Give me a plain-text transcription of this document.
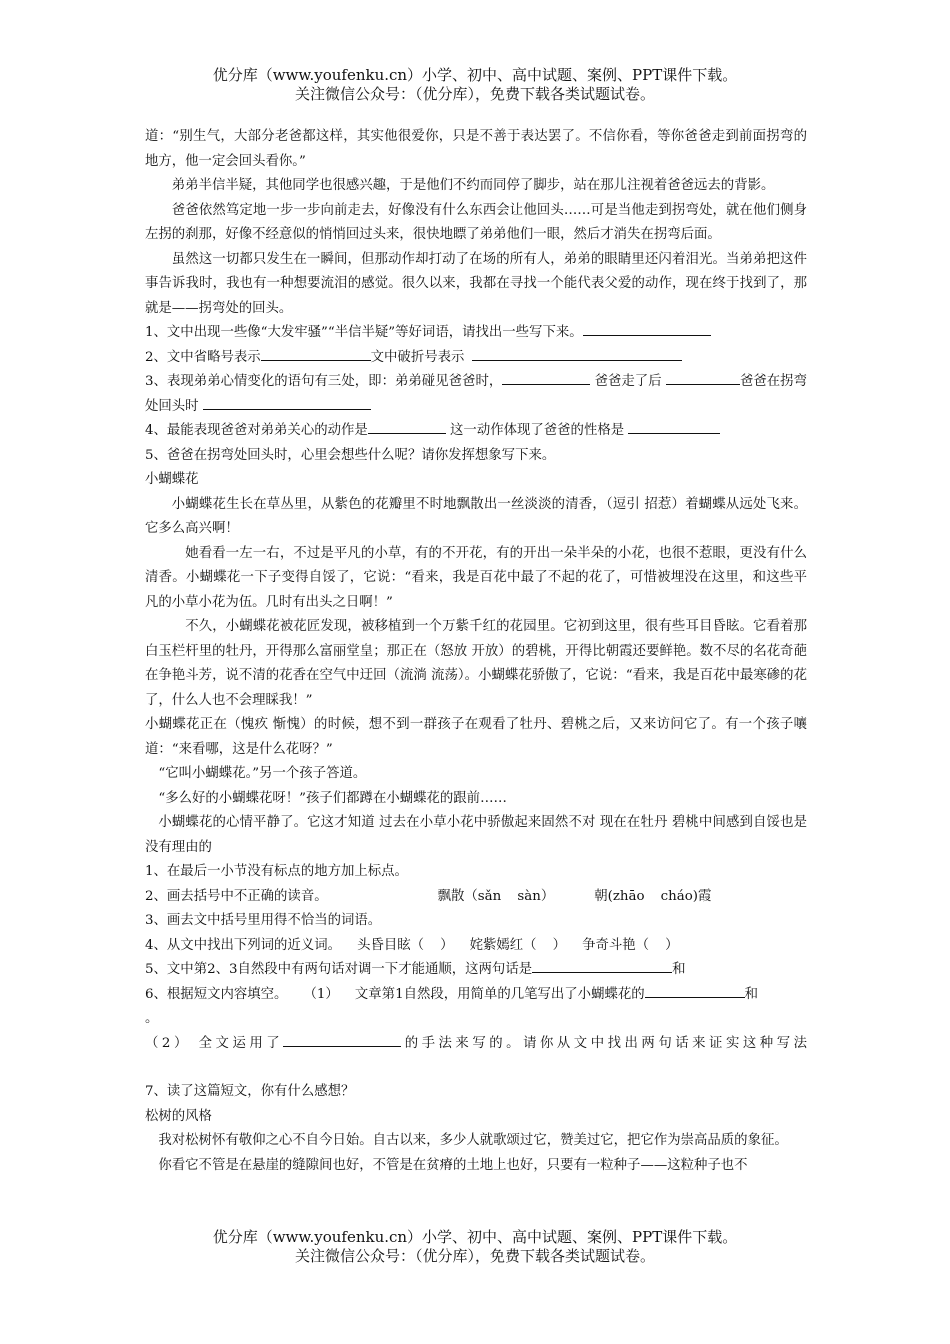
优分库（www.youfenku.cn）小学、初中、高中试题、案例、PPT课件下载。
关注微信公众号：（优分库），免费下载各类试题试卷。

道：“别生气，大部分老爸都这样，其实他很爱你，只是不善于表达罢了。不信你看，等你爸爸走到前面拐弯的地方，他一定会回头看你。”

弟弟半信半疑，其他同学也很感兴趣，于是他们不约而同停了脚步，站在那儿注视着爸爸远去的背影。

爸爸依然笃定地一步一步向前走去，好像没有什么东西会让他回头……可是当他走到拐弯处，就在他们侧身左拐的刹那，好像不经意似的悄悄回过头来，很快地瞟了弟弟他们一眼，然后才消失在拐弯后面。

虽然这一切都只发生在一瞬间，但那动作却打动了在场的所有人，弟弟的眼睛里还闪着泪光。当弟弟把这件事告诉我时，我也有一种想要流泪的感觉。很久以来，我都在寻找一个能代表父爱的动作，现在终于找到了，那就是——拐弯处的回头。

1、文中出现一些像“大发牢骚”“半信半疑”等好词语，请找出一些写下来。

2、文中省略号表示	文中破折号表示

3、表现弟弟心情变化的语句有三处，即：弟弟碰见爸爸时，	爸爸走了后	爸爸在拐弯处回头时

4、最能表现爸爸对弟弟关心的动作是	这一动作体现了爸爸的性格是

5、爸爸在拐弯处回头时，心里会想些什么呢？请你发挥想象写下来。

小蝴蝶花

小蝴蝶花生长在草丛里，从紫色的花瓣里不时地飘散出一丝淡淡的清香，（逗引 招惹）着蝴蝶从远处飞来。它多么高兴啊！

她看看一左一右，不过是平凡的小草，有的不开花，有的开出一朵半朵的小花，也很不惹眼，更没有什么清香。小蝴蝶花一下子变得自馁了，它说：“看来，我是百花中最了不起的花了，可惜被埋没在这里，和这些平凡的小草小花为伍。几时有出头之日啊！”

不久，小蝴蝶花被花匠发现，被移植到一个万紫千红的花园里。它初到这里，很有些耳目昏眩。它看着那白玉栏杆里的牡丹，开得那么富丽堂皇；那正在（怒放 开放）的碧桃，开得比朝霞还要鲜艳。数不尽的名花奇葩在争艳斗芳，说不清的花香在空气中迂回（流淌 流荡）。小蝴蝶花骄傲了，它说：“看来，我是百花中最寒碜的花了，什么人也不会理睬我！”

小蝴蝶花正在（愧疚 惭愧）的时候，想不到一群孩子在观看了牡丹、碧桃之后，又来访问它了。有一个孩子嚷道：“来看哪，这是什么花呀？”

“它叫小蝴蝶花。”另一个孩子答道。

“多么好的小蝴蝶花呀！”孩子们都蹲在小蝴蝶花的跟前……

小蝴蝶花的心情平静了。它这才知道 过去在小草小花中骄傲起来固然不对 现在在牡丹 碧桃中间感到自馁也是没有理由的

1、在最后一小节没有标点的地方加上标点。

2、画去括号中不正确的读音。	飘散（sǎn sàn）	朝(zhāo cháo)霞

3、画去文中括号里用得不恰当的词语。

4、从文中找出下列词的近义词。 头昏目眩（ ） 姹紫嫣红（ ） 争奇斗艳（ ）

5、文中第2、3自然段中有两句话对调一下才能通顺，这两句话是	和

6、根据短文内容填空。 （1） 文章第1自然段，用简单的几笔写出了小蝴蝶花的	和
。

（2） 全文运用了	的手法来写的。请你从文中找出两句话来证实这种写法

7、读了这篇短文，你有什么感想？

松树的风格

我对松树怀有敬仰之心不自今日始。自古以来，多少人就歌颂过它，赞美过它，把它作为崇高品质的象征。

你看它不管是在悬崖的缝隙间也好，不管是在贫瘠的土地上也好，只要有一粒种子——这粒种子也不

优分库（www.youfenku.cn）小学、初中、高中试题、案例、PPT课件下载。
关注微信公众号：（优分库），免费下载各类试题试卷。
